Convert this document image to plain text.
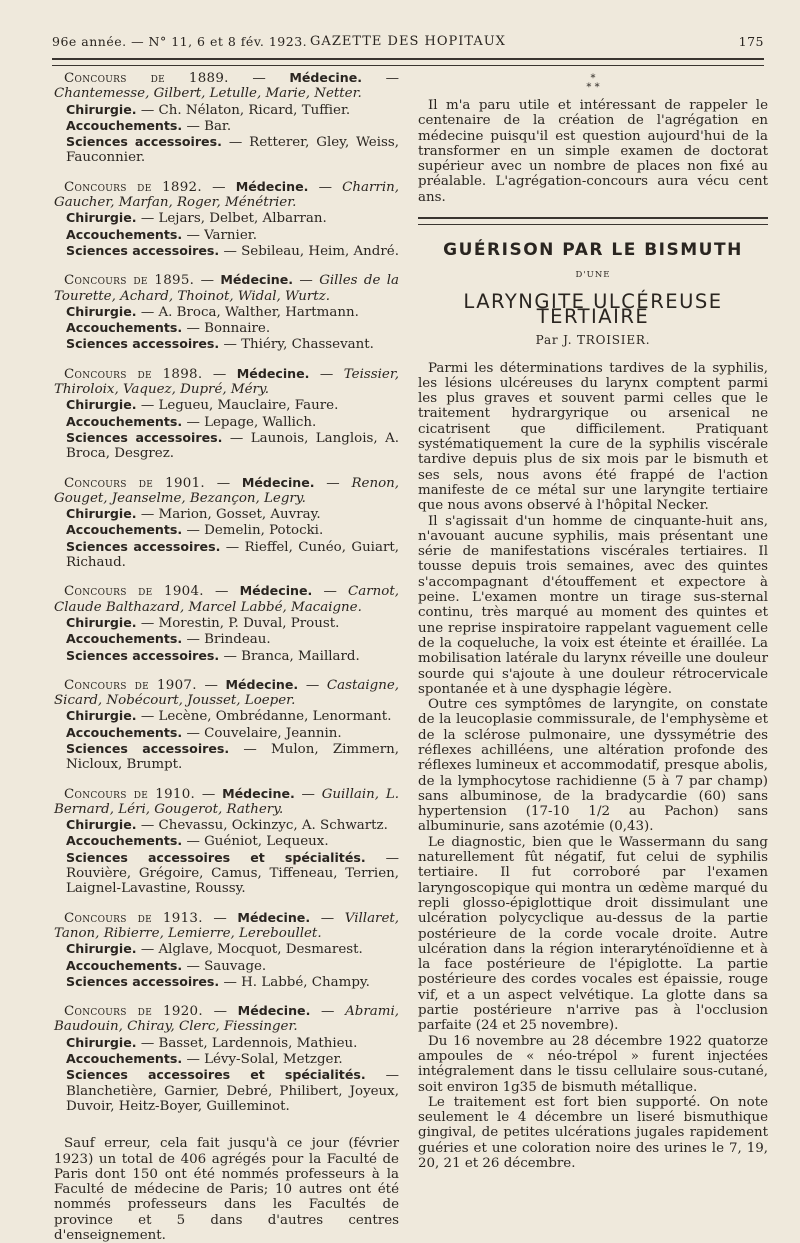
96e année. — N° 11, 6 et 8 fév. 1923. GAZETTE DES HOPITAUX	175

Concours de 1889. — Médecine. — Chantemesse, Gilbert, Letulle, Marie, Netter.

Chirurgie. — Ch. Nélaton, Ricard, Tuffier.

Accouchements. — Bar.

Sciences accessoires. — Retterer, Gley, Weiss, Fauconnier.

Concours de 1892. — Médecine. — Charrin, Gaucher, Marfan, Roger, Ménétrier.

Chirurgie. — Lejars, Delbet, Albarran.

Accouchements. — Varnier.

Sciences accessoires. — Sebileau, Heim, André.

Concours de 1895. — Médecine. — Gilles de la Tourette, Achard, Thoinot, Widal, Wurtz.

Chirurgie. — A. Broca, Walther, Hartmann.

Accouchements. — Bonnaire.

Sciences accessoires. — Thiéry, Chassevant.

Concours de 1898. — Médecine. — Teissier, Thiroloix, Vaquez, Dupré, Méry.

Chirurgie. — Legueu, Mauclaire, Faure.

Accouchements. — Lepage, Wallich.

Sciences accessoires. — Launois, Langlois, A. Broca, Desgrez.

Concours de 1901. — Médecine. — Renon, Gouget, Jeanselme, Bezançon, Legry.

Chirurgie. — Marion, Gosset, Auvray.

Accouchements. — Demelin, Potocki.

Sciences accessoires. — Rieffel, Cunéo, Guiart, Richaud.

Concours de 1904. — Médecine. — Carnot, Claude Balthazard, Marcel Labbé, Macaigne.

Chirurgie. — Morestin, P. Duval, Proust.

Accouchements. — Brindeau.

Sciences accessoires. — Branca, Maillard.

Concours de 1907. — Médecine. — Castaigne, Sicard, Nobécourt, Jousset, Loeper.

Chirurgie. — Lecène, Ombrédanne, Lenormant.

Accouchements. — Couvelaire, Jeannin.

Sciences accessoires. — Mulon, Zimmern, Nicloux, Brumpt.

Concours de 1910. — Médecine. — Guillain, L. Bernard, Léri, Gougerot, Rathery.

Chirurgie. — Chevassu, Ockinzyc, A. Schwartz.

Accouchements. — Guéniot, Lequeux.

Sciences accessoires et spécialités. — Rouvière, Grégoire, Camus, Tiffeneau, Terrien, Laignel-Lavastine, Roussy.

Concours de 1913. — Médecine. — Villaret, Tanon, Ribierre, Lemierre, Lereboullet.

Chirurgie. — Alglave, Mocquot, Desmarest.

Accouchements. — Sauvage.

Sciences accessoires. — H. Labbé, Champy.

Concours de 1920. — Médecine. — Abrami, Baudouin, Chiray, Clerc, Fiessinger.

Chirurgie. — Basset, Lardennois, Mathieu.

Accouchements. — Lévy-Solal, Metzger.

Sciences accessoires et spécialités. — Blanchetière, Garnier, Debré, Philibert, Joyeux, Duvoir, Heitz-Boyer, Guilleminot.

Sauf erreur, cela fait jusqu'à ce jour (février 1923) un total de 406 agrégés pour la Faculté de Paris dont 150 ont été nommés professeurs à la Faculté de médecine de Paris; 10 autres ont été nommés professeurs dans les Facultés de province et 5 dans d'autres centres d'enseignement.

*
* *

Il m'a paru utile et intéressant de rappeler le centenaire de la création de l'agrégation en médecine puisqu'il est question aujourd'hui de la transformer en un simple examen de doctorat supérieur avec un nombre de places non fixé au préalable. L'agrégation-concours aura vécu cent ans.

GUÉRISON PAR LE BISMUTH
D'UNE
LARYNGITE ULCÉREUSE TERTIAIRE
Par J. TROISIER.

Parmi les déterminations tardives de la syphilis, les lésions ulcéreuses du larynx comptent parmi les plus graves et souvent parmi celles que le traitement hydrargyrique ou arsenical ne cicatrisent que difficilement. Pratiquant systématiquement la cure de la syphilis viscérale tardive depuis plus de six mois par le bismuth et ses sels, nous avons été frappé de l'action manifeste de ce métal sur une laryngite tertiaire que nous avons observé à l'hôpital Necker.

Il s'agissait d'un homme de cinquante-huit ans, n'avouant aucune syphilis, mais présentant une série de manifestations viscérales tertiaires. Il tousse depuis trois semaines, avec des quintes s'accompagnant d'étouffement et expectore à peine. L'examen montre un tirage sus-sternal continu, très marqué au moment des quintes et une reprise inspiratoire rappelant vaguement celle de la coqueluche, la voix est éteinte et éraillée. La mobilisation latérale du larynx réveille une douleur sourde qui s'ajoute à une douleur rétrocervicale spontanée et à une dysphagie légère.

Outre ces symptômes de laryngite, on constate de la leucoplasie commissurale, de l'emphysème et de la sclérose pulmonaire, une dyssymétrie des réflexes achilléens, une altération profonde des réflexes lumineux et accommodatif, presque abolis, de la lymphocytose rachidienne (5 à 7 par champ) sans albuminose, de la bradycardie (60) sans hypertension (17-10 1/2 au Pachon) sans albuminurie, sans azotémie (0,43).

Le diagnostic, bien que le Wassermann du sang naturellement fût négatif, fut celui de syphilis tertiaire. Il fut corroboré par l'examen laryngoscopique qui montra un œdème marqué du repli glosso-épiglottique droit dissimulant une ulcération polycyclique au-dessus de la partie postérieure de la corde vocale droite. Autre ulcération dans la région interaryténoïdienne et à la face postérieure de l'épiglotte. La partie postérieure des cordes vocales est épaissie, rouge vif, et a un aspect velvétique. La glotte dans sa partie postérieure n'arrive pas à l'occlusion parfaite (24 et 25 novembre).

Du 16 novembre au 28 décembre 1922 quatorze ampoules de « néo-trépol » furent injectées intégralement dans le tissu cellulaire sous-cutané, soit environ 1g35 de bismuth métallique.

Le traitement est fort bien supporté. On note seulement le 4 décembre un liseré bismuthique gingival, de petites ulcérations jugales rapidement guéries et une coloration noire des urines le 7, 19, 20, 21 et 26 décembre.
